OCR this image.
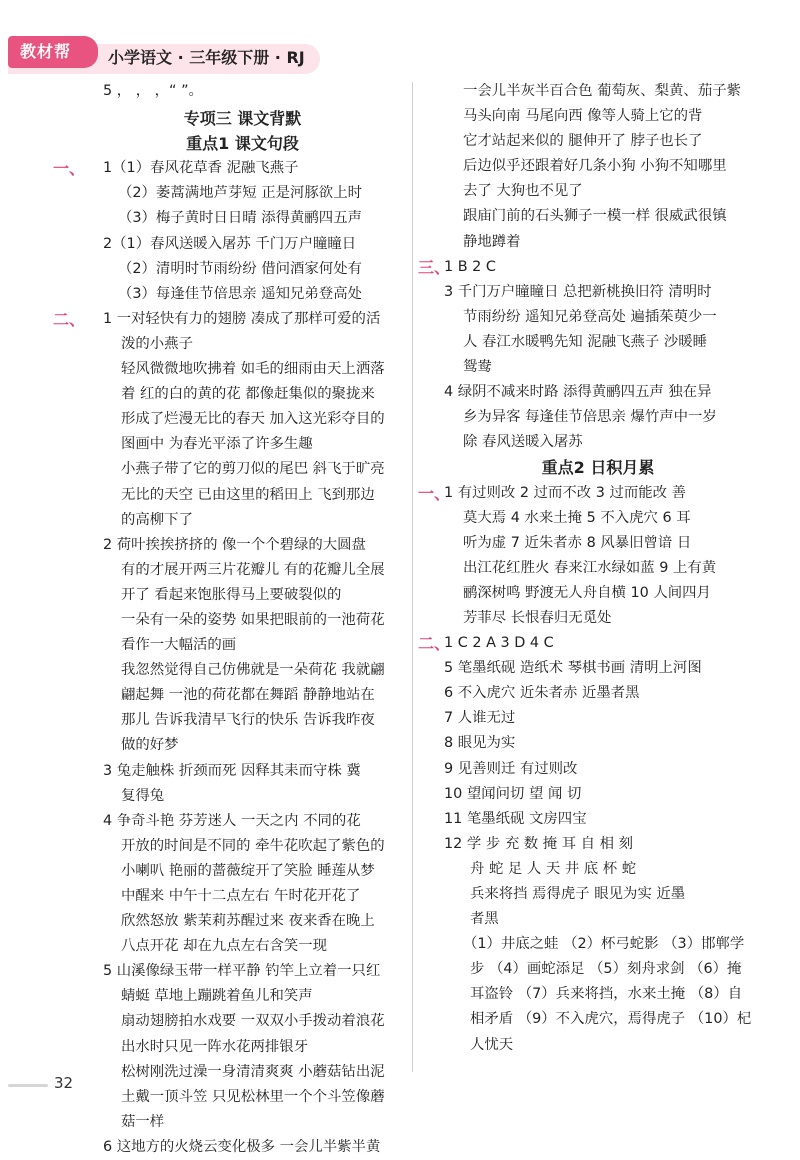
教材帮	小学语文 · 三年级下册 · RJ
5 ， ， ，“ ”。
专项三 课文背默
重点1 课文句段
一、 1（1）春风花草香 泥融飞燕子
（2）萎蒿满地芦芽短 正是河豚欲上时
（3）梅子黄时日日晴 添得黄鹂四五声
2（1）春风送暖入屠苏 千门万户瞳瞳日
（2）清明时节雨纷纷 借问酒家何处有
（3）每逢佳节倍思亲 遥知兄弟登高处
二、 1 一对轻快有力的翅膀 凑成了那样可爱的活
泼的小燕子
轻风微微地吹拂着 如毛的细雨由天上洒落
着 红的白的黄的花 都像赶集似的聚拢来
形成了烂漫无比的春天 加入这光彩夺目的
图画中 为春光平添了许多生趣
小燕子带了它的剪刀似的尾巴 斜飞于旷亮
无比的天空 已由这里的稻田上 飞到那边
的高柳下了
2 荷叶挨挨挤挤的 像一个个碧绿的大圆盘
有的才展开两三片花瓣儿 有的花瓣儿全展
开了 看起来饱胀得马上要破裂似的
一朵有一朵的姿势 如果把眼前的一池荷花
看作一大幅活的画
我忽然觉得自己仿佛就是一朵荷花 我就翩
翩起舞 一池的荷花都在舞蹈 静静地站在
那儿 告诉我清早飞行的快乐 告诉我昨夜
做的好梦
3 兔走触株 折颈而死 因释其耒而守株 冀
复得兔
4 争奇斗艳 芬芳迷人 一天之内 不同的花
开放的时间是不同的 牵牛花吹起了紫色的
小喇叭 艳丽的蔷薇绽开了笑脸 睡莲从梦
中醒来 中午十二点左右 午时花开花了
欣然怒放 紫茉莉苏醒过来 夜来香在晚上
八点开花 却在九点左右含笑一现
5 山溪像绿玉带一样平静 钓竿上立着一只红
蜻蜓 草地上蹦跳着鱼儿和笑声
扇动翅膀拍水戏要 一双双小手拨动着浪花
出水时只见一阵水花两排银牙
松树刚洗过澡一身清清爽爽 小蘑菇钻出泥
土戴一顶斗笠 只见松林里一个个斗笠像蘑
菇一样
6 这地方的火烧云变化极多 一会儿半紫半黄
一会儿半灰半百合色 葡萄灰、梨黄、茄子紫
马头向南 马尾向西 像等人骑上它的背
它才站起来似的 腿伸开了 脖子也长了
后边似乎还跟着好几条小狗 小狗不知哪里
去了 大狗也不见了
跟庙门前的石头狮子一模一样 很威武很镇
静地蹲着
三、
1 B 2 C
3 千门万户瞳瞳日 总把新桃换旧符 清明时
节雨纷纷 遥知兄弟登高处 遍插茱萸少一
人 春江水暖鸭先知 泥融飞燕子 沙暖睡
鸳鸯
4 绿阴不减来时路 添得黄鹂四五声 独在异
乡为异客 每逢佳节倍思亲 爆竹声中一岁
除 春风送暖入屠苏
重点2 日积月累
一、
1 有过则改 2 过而不改 3 过而能改 善
莫大焉 4 水来土掩 5 不入虎穴 6 耳
听为虚 7 近朱者赤 8 风暴旧曾谙 日
出江花红胜火 春来江水绿如蓝 9 上有黄
鹂深树鸣 野渡无人舟自横 10 人间四月
芳菲尽 长恨春归无觅处
二、
1 C 2 A 3 D 4 C
5 笔墨纸砚 造纸术 琴棋书画 清明上河图
6 不入虎穴 近朱者赤 近墨者黑
7 人谁无过
8 眼见为实
9 见善则迁 有过则改
10 望闻问切 望 闻 切
11 笔墨纸砚 文房四宝
12 学 步 充 数 掩 耳 自 相 刻
舟 蛇 足 人 天 井 底 杯 蛇
兵来将挡 焉得虎子 眼见为实 近墨
者黑
（1）井底之蛙 （2）杯弓蛇影 （3）邯郸学
步 （4）画蛇添足 （5）刻舟求剑 （6）掩
耳盗铃 （7）兵来将挡，水来土掩 （8）自
相矛盾 （9）不入虎穴，焉得虎子 （10）杞
人忧天
32
